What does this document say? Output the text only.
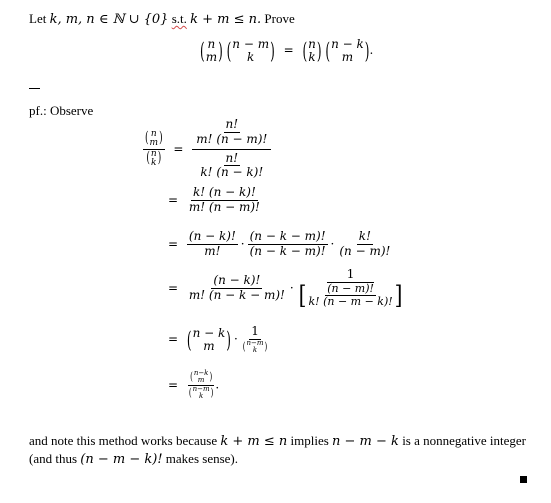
Let k, m, n ∈ ℕ ∪ {0} s.t. k + m ≤ n. Prove
( n
m )
( n − m
k ) = ( n
k )
( n − k
m ) .
pf.: Observe
( n
m )
( n
k ) = $\frac{\frac{n!}{m! (n - m)!}}{\frac{n!}{k! (n - k)!}}$
= $\frac{k! (n - k)!}{m! (n - m)!}$
= $\frac{(n - k)!}{m!} \cdot \frac{(n - k - m)!}{(n - k - m)!} \cdot \frac{k!}{(n - m)!}$
= $\frac{(n - k)!}{m! (n - k - m)!} \cdot \frac{1}{[ \frac{(n - m)!}{k! (n - m - k)!} ]}$
= ( n − k
m ) · 1
( n−m
k )
= ( n−k
m )
( n−m
k ) .
and note this method works because k + m ≤ n implies n − m − k is a nonnegative integer
(and thus (n − m − k)! makes sense).
